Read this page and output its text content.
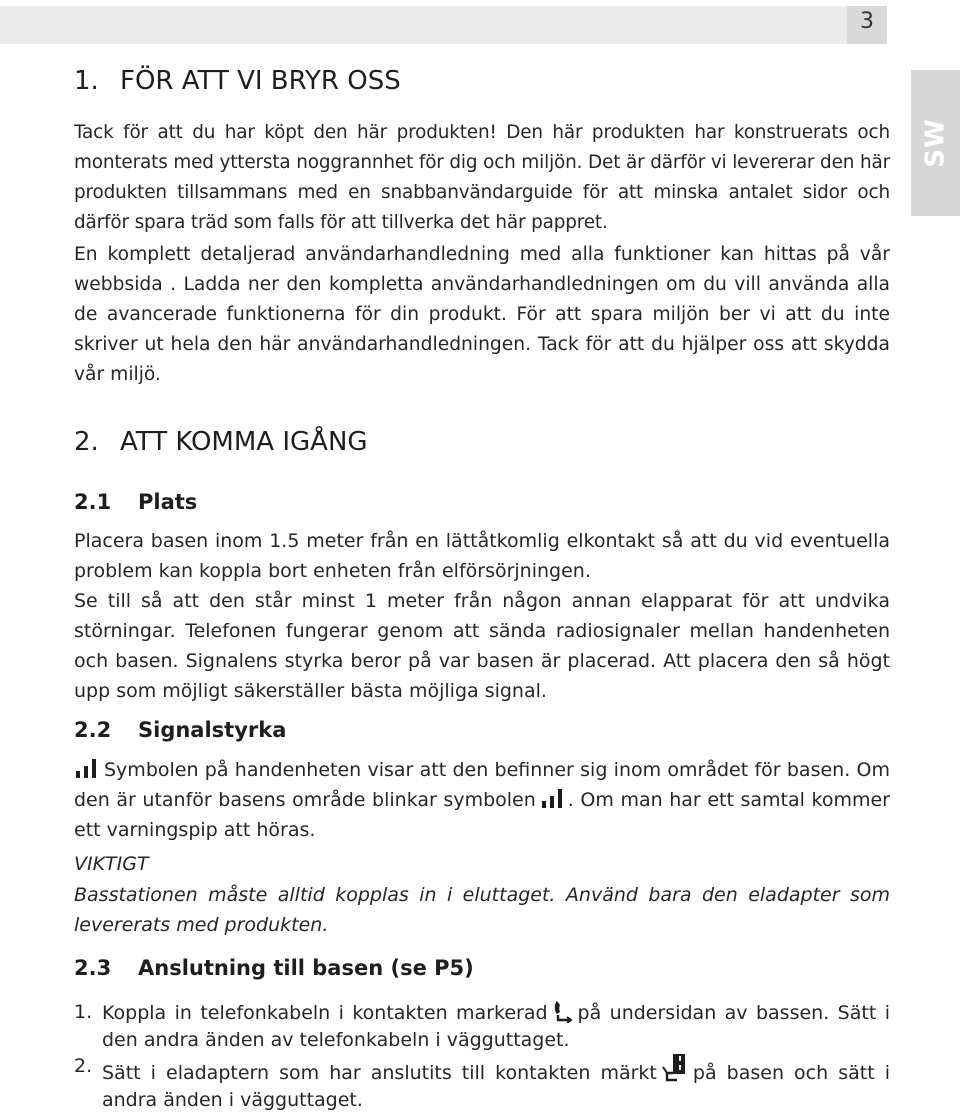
3
SW
1. FÖR ATT VI BRYR OSS

Tack för att du har köpt den här produkten! Den här produkten har konstruerats och monterats med yttersta noggrannhet för dig och miljön. Det är därför vi levererar den här produkten tillsammans med en snabbanvändarguide för att minska antalet sidor och därför spara träd som falls för att tillverka det här pappret.

En komplett detaljerad användarhandledning med alla funktioner kan hittas på vår webbsida . Ladda ner den kompletta användarhandledningen om du vill använda alla de avancerade funktionerna för din produkt. För att spara miljön ber vi att du inte skriver ut hela den här användarhandledningen. Tack för att du hjälper oss att skydda vår miljö.

2. ATT KOMMA IGÅNG
2.1 Plats

Placera basen inom 1.5 meter från en lättåtkomlig elkontakt så att du vid eventuella problem kan koppla bort enheten från elförsörjningen.

Se till så att den står minst 1 meter från någon annan elapparat för att undvika störningar. Telefonen fungerar genom att sända radiosignaler mellan handenheten och basen. Signalens styrka beror på var basen är placerad. Att placera den så högt upp som möjligt säkerställer bästa möjliga signal.

2.2 Signalstyrka

Symbolen på handenheten visar att den befinner sig inom området för basen. Om den är utanför basens område blinkar symbolen . Om man har ett samtal kommer ett varningspip att höras.

VIKTIGT

Basstationen måste alltid kopplas in i eluttaget. Använd bara den eladapter som levererats med produkten.

2.3 Anslutning till basen (se P5)
1. Koppla in telefonkabeln i kontakten markerad på undersidan av bassen. Sätt i den andra änden av telefonkabeln i vägguttaget.
2. Sätt i eladaptern som har anslutits till kontakten märkt på basen och sätt i andra änden i vägguttaget.
